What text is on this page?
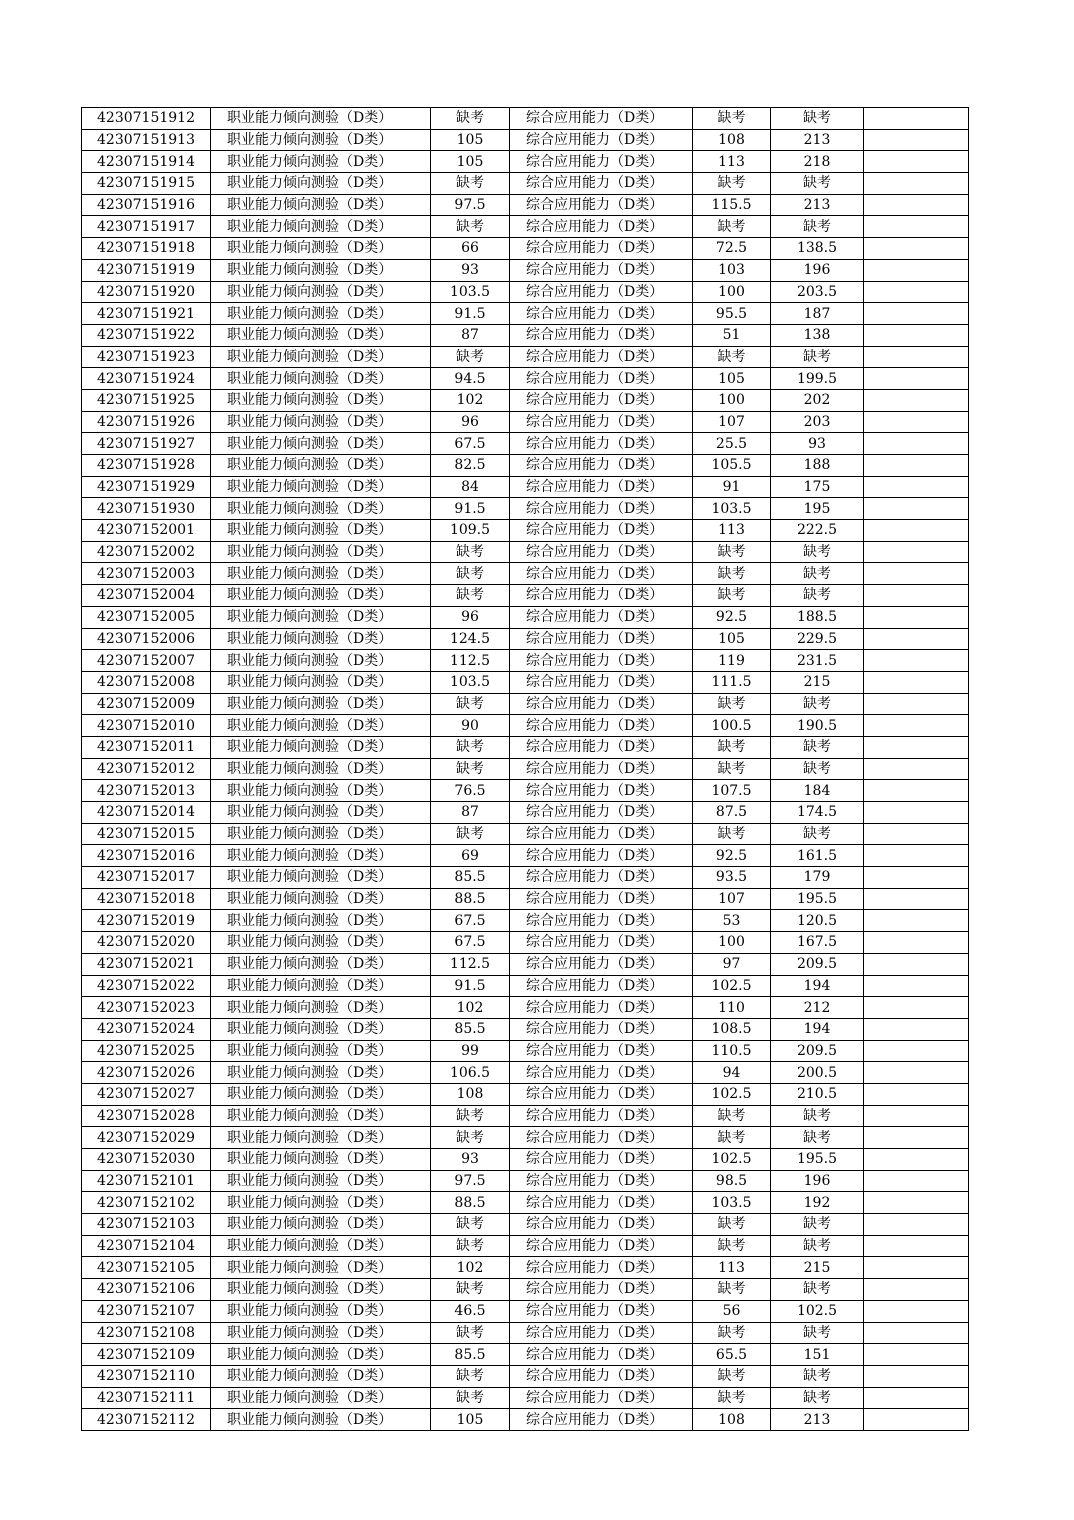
42307151912	职业能力倾向测验（D类）	缺考	综合应用能力（D类）	缺考	缺考	
42307151913	职业能力倾向测验（D类）	105	综合应用能力（D类）	108	213	
42307151914	职业能力倾向测验（D类）	105	综合应用能力（D类）	113	218	
42307151915	职业能力倾向测验（D类）	缺考	综合应用能力（D类）	缺考	缺考	
42307151916	职业能力倾向测验（D类）	97.5	综合应用能力（D类）	115.5	213	
42307151917	职业能力倾向测验（D类）	缺考	综合应用能力（D类）	缺考	缺考	
42307151918	职业能力倾向测验（D类）	66	综合应用能力（D类）	72.5	138.5	
42307151919	职业能力倾向测验（D类）	93	综合应用能力（D类）	103	196	
42307151920	职业能力倾向测验（D类）	103.5	综合应用能力（D类）	100	203.5	
42307151921	职业能力倾向测验（D类）	91.5	综合应用能力（D类）	95.5	187	
42307151922	职业能力倾向测验（D类）	87	综合应用能力（D类）	51	138	
42307151923	职业能力倾向测验（D类）	缺考	综合应用能力（D类）	缺考	缺考	
42307151924	职业能力倾向测验（D类）	94.5	综合应用能力（D类）	105	199.5	
42307151925	职业能力倾向测验（D类）	102	综合应用能力（D类）	100	202	
42307151926	职业能力倾向测验（D类）	96	综合应用能力（D类）	107	203	
42307151927	职业能力倾向测验（D类）	67.5	综合应用能力（D类）	25.5	93	
42307151928	职业能力倾向测验（D类）	82.5	综合应用能力（D类）	105.5	188	
42307151929	职业能力倾向测验（D类）	84	综合应用能力（D类）	91	175	
42307151930	职业能力倾向测验（D类）	91.5	综合应用能力（D类）	103.5	195	
42307152001	职业能力倾向测验（D类）	109.5	综合应用能力（D类）	113	222.5	
42307152002	职业能力倾向测验（D类）	缺考	综合应用能力（D类）	缺考	缺考	
42307152003	职业能力倾向测验（D类）	缺考	综合应用能力（D类）	缺考	缺考	
42307152004	职业能力倾向测验（D类）	缺考	综合应用能力（D类）	缺考	缺考	
42307152005	职业能力倾向测验（D类）	96	综合应用能力（D类）	92.5	188.5	
42307152006	职业能力倾向测验（D类）	124.5	综合应用能力（D类）	105	229.5	
42307152007	职业能力倾向测验（D类）	112.5	综合应用能力（D类）	119	231.5	
42307152008	职业能力倾向测验（D类）	103.5	综合应用能力（D类）	111.5	215	
42307152009	职业能力倾向测验（D类）	缺考	综合应用能力（D类）	缺考	缺考	
42307152010	职业能力倾向测验（D类）	90	综合应用能力（D类）	100.5	190.5	
42307152011	职业能力倾向测验（D类）	缺考	综合应用能力（D类）	缺考	缺考	
42307152012	职业能力倾向测验（D类）	缺考	综合应用能力（D类）	缺考	缺考	
42307152013	职业能力倾向测验（D类）	76.5	综合应用能力（D类）	107.5	184	
42307152014	职业能力倾向测验（D类）	87	综合应用能力（D类）	87.5	174.5	
42307152015	职业能力倾向测验（D类）	缺考	综合应用能力（D类）	缺考	缺考	
42307152016	职业能力倾向测验（D类）	69	综合应用能力（D类）	92.5	161.5	
42307152017	职业能力倾向测验（D类）	85.5	综合应用能力（D类）	93.5	179	
42307152018	职业能力倾向测验（D类）	88.5	综合应用能力（D类）	107	195.5	
42307152019	职业能力倾向测验（D类）	67.5	综合应用能力（D类）	53	120.5	
42307152020	职业能力倾向测验（D类）	67.5	综合应用能力（D类）	100	167.5	
42307152021	职业能力倾向测验（D类）	112.5	综合应用能力（D类）	97	209.5	
42307152022	职业能力倾向测验（D类）	91.5	综合应用能力（D类）	102.5	194	
42307152023	职业能力倾向测验（D类）	102	综合应用能力（D类）	110	212	
42307152024	职业能力倾向测验（D类）	85.5	综合应用能力（D类）	108.5	194	
42307152025	职业能力倾向测验（D类）	99	综合应用能力（D类）	110.5	209.5	
42307152026	职业能力倾向测验（D类）	106.5	综合应用能力（D类）	94	200.5	
42307152027	职业能力倾向测验（D类）	108	综合应用能力（D类）	102.5	210.5	
42307152028	职业能力倾向测验（D类）	缺考	综合应用能力（D类）	缺考	缺考	
42307152029	职业能力倾向测验（D类）	缺考	综合应用能力（D类）	缺考	缺考	
42307152030	职业能力倾向测验（D类）	93	综合应用能力（D类）	102.5	195.5	
42307152101	职业能力倾向测验（D类）	97.5	综合应用能力（D类）	98.5	196	
42307152102	职业能力倾向测验（D类）	88.5	综合应用能力（D类）	103.5	192	
42307152103	职业能力倾向测验（D类）	缺考	综合应用能力（D类）	缺考	缺考	
42307152104	职业能力倾向测验（D类）	缺考	综合应用能力（D类）	缺考	缺考	
42307152105	职业能力倾向测验（D类）	102	综合应用能力（D类）	113	215	
42307152106	职业能力倾向测验（D类）	缺考	综合应用能力（D类）	缺考	缺考	
42307152107	职业能力倾向测验（D类）	46.5	综合应用能力（D类）	56	102.5	
42307152108	职业能力倾向测验（D类）	缺考	综合应用能力（D类）	缺考	缺考	
42307152109	职业能力倾向测验（D类）	85.5	综合应用能力（D类）	65.5	151	
42307152110	职业能力倾向测验（D类）	缺考	综合应用能力（D类）	缺考	缺考	
42307152111	职业能力倾向测验（D类）	缺考	综合应用能力（D类）	缺考	缺考	
42307152112	职业能力倾向测验（D类）	105	综合应用能力（D类）	108	213	
